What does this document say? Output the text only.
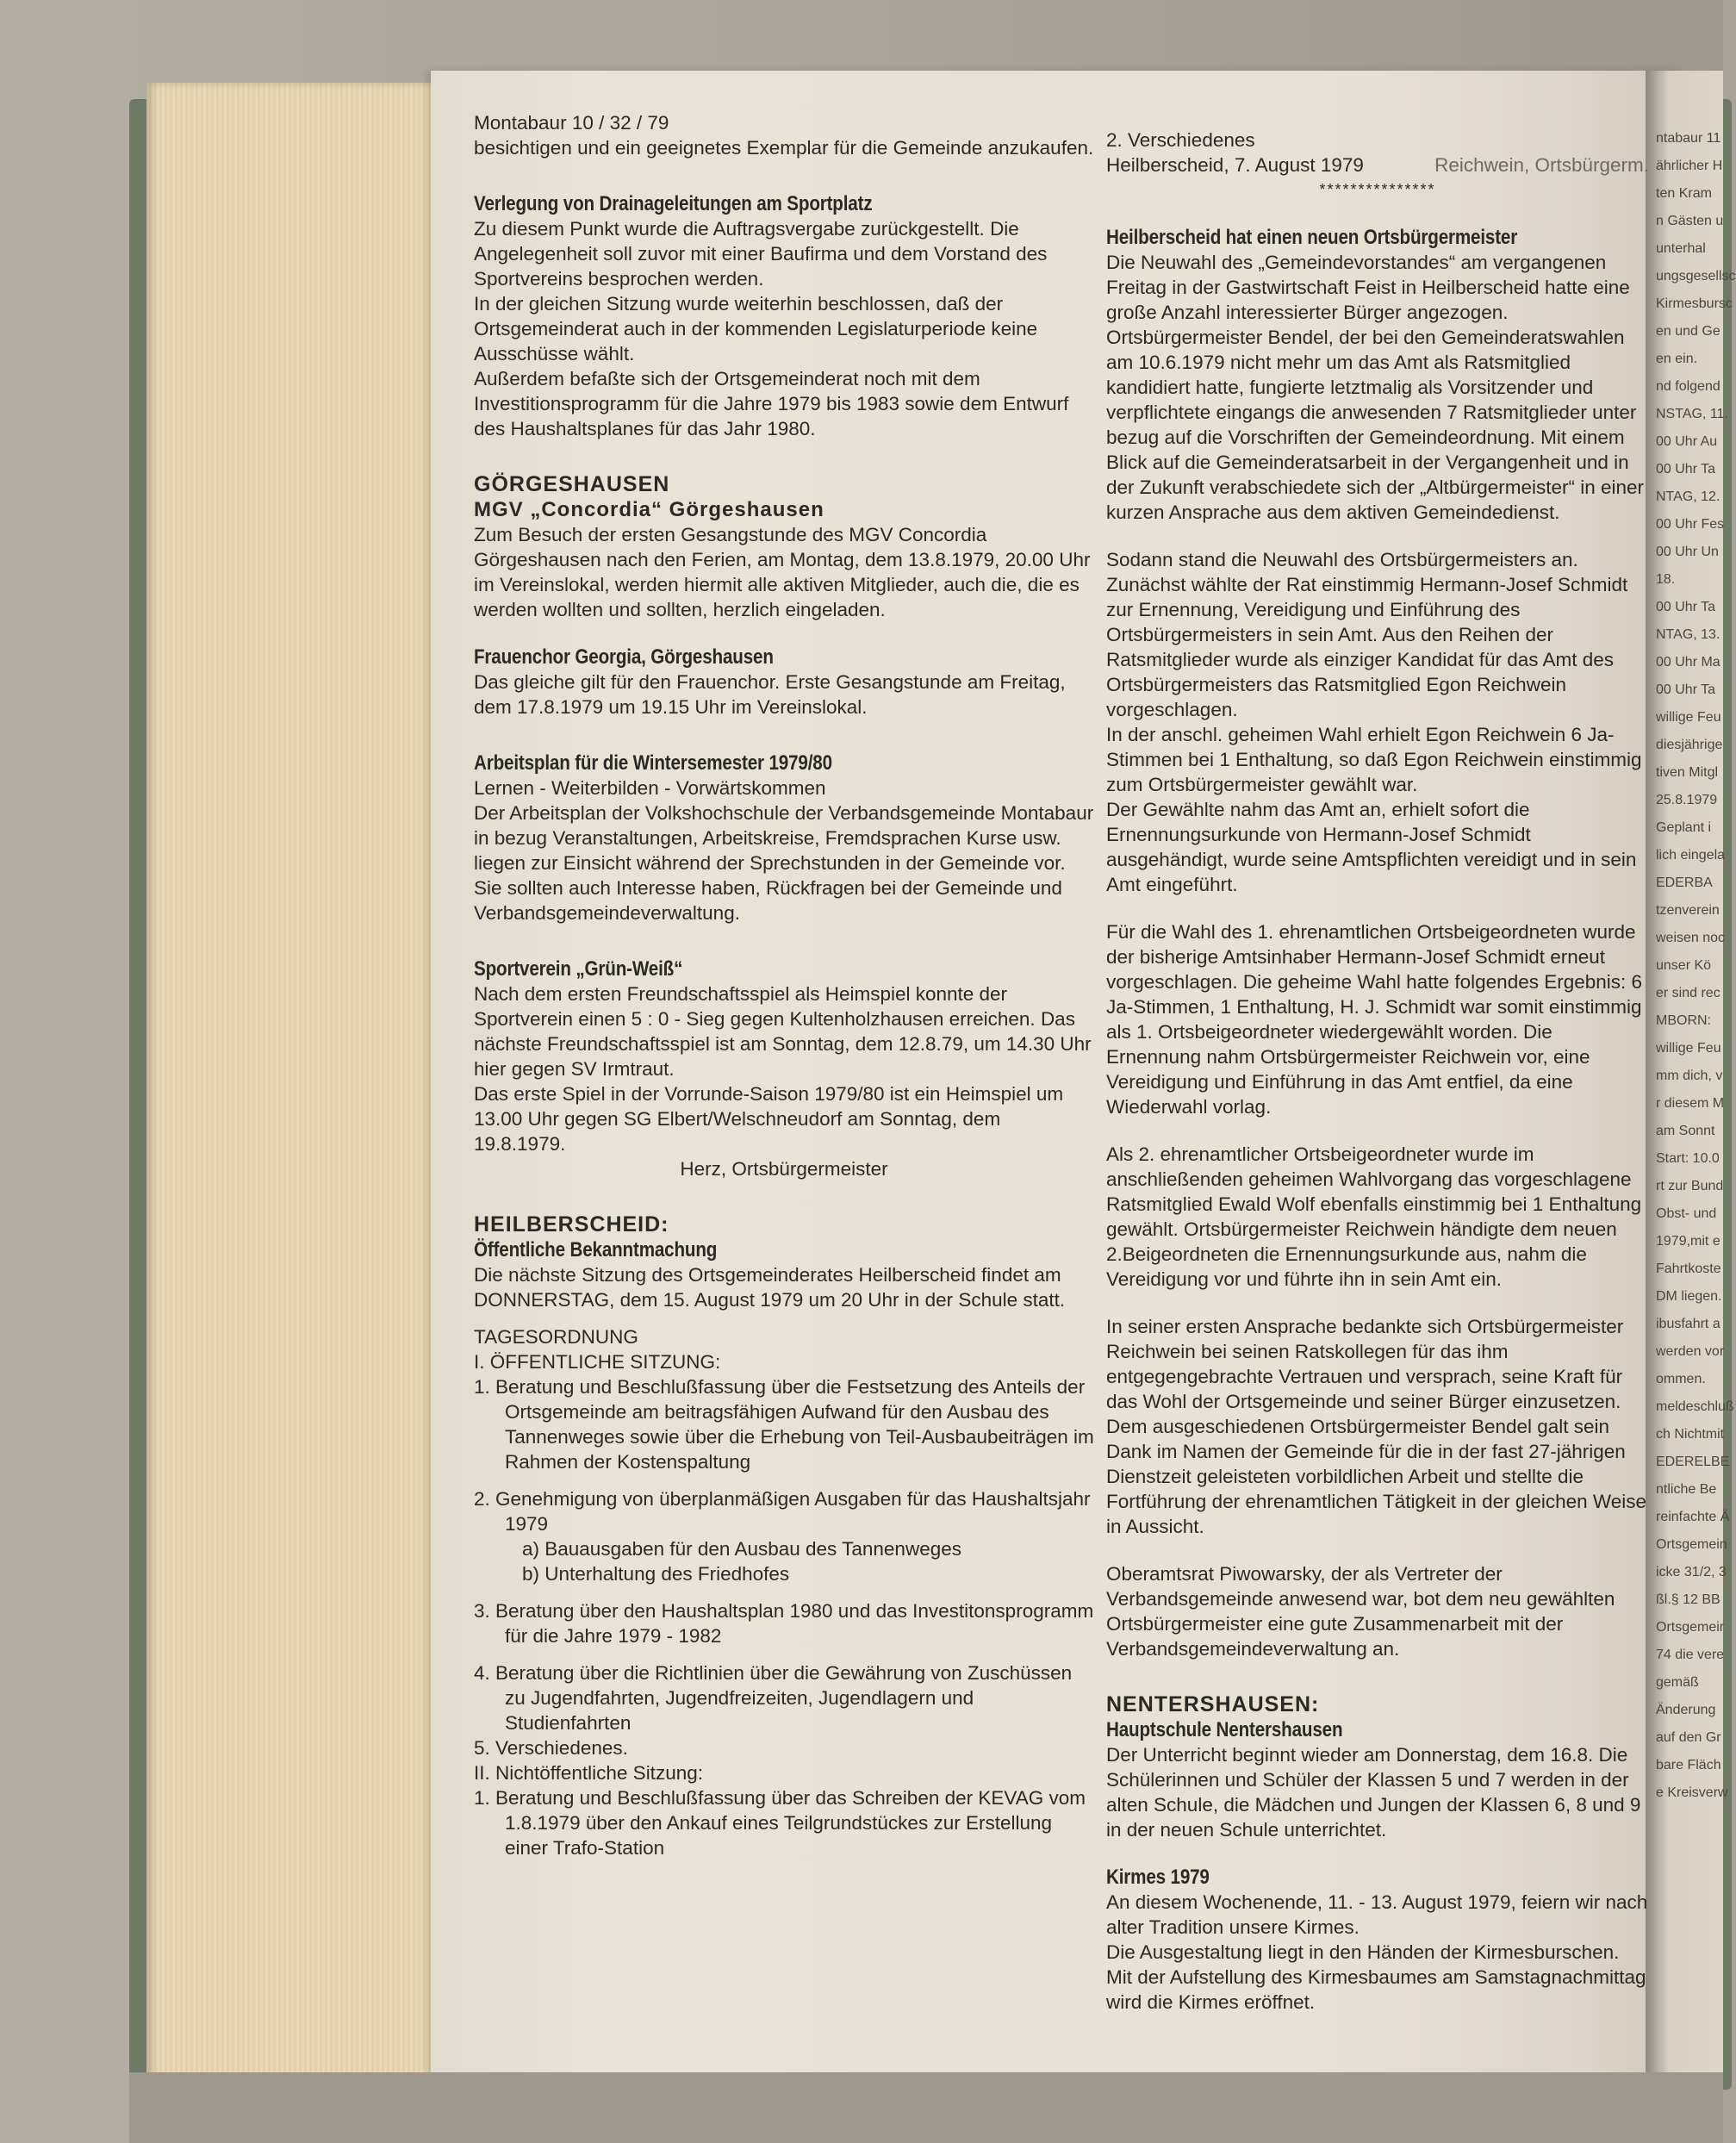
ntabaur 11
ährlicher H
ten Kram
n Gästen u
unterhal
ungsgesellsc
Kirmesbursc
en und Ge
en ein.
nd folgend
NSTAG, 11.
00 Uhr Au
00 Uhr Ta
NTAG, 12.
00 Uhr Fes
00 Uhr Un
18.
00 Uhr Ta
NTAG, 13.
00 Uhr Ma
00 Uhr Ta
willige Feu
diesjährige
tiven Mitgl
25.8.1979
Geplant i
lich eingela
EDERBA
tzenverein
weisen noc
unser Kö
er sind rec
MBORN:
willige Feu
mm dich, v
r diesem M
am Sonnt
Start: 10.0
rt zur Bund
Obst- und
1979,mit e
Fahrtkoste
DM liegen.
ibusfahrt a
werden vor
ommen.
meldeschluß
ch Nichtmit
EDERELBE
ntliche Be
reinfachte Ä
Ortsgemein
icke 31/2, 3
ßl.§ 12 BB
Ortsgemeir
74 die vere
gemäß
Änderung
auf den Gr
bare Fläch
e Kreisverw

Montabaur 10 / 32 / 79

besichtigen und ein geeignetes Exemplar für die Gemeinde anzukaufen.

Verlegung von Drainageleitungen am Sportplatz

Zu diesem Punkt wurde die Auftragsvergabe zurückgestellt. Die Angelegenheit soll zuvor mit einer Baufirma und dem Vorstand des Sportvereins besprochen werden.

In der gleichen Sitzung wurde weiterhin beschlossen, daß der Ortsgemeinderat auch in der kommenden Legislaturperiode keine Ausschüsse wählt.

Außerdem befaßte sich der Ortsgemeinderat noch mit dem Investitionsprogramm für die Jahre 1979 bis 1983 sowie dem Entwurf des Haushaltsplanes für das Jahr 1980.

GÖRGESHAUSEN

MGV „Concordia“ Görgeshausen

Zum Besuch der ersten Gesangstunde des MGV Concordia Görgeshausen nach den Ferien, am Montag, dem 13.8.1979, 20.00 Uhr im Vereinslokal, werden hiermit alle aktiven Mitglieder, auch die, die es werden wollten und sollten, herzlich eingeladen.

Frauenchor Georgia, Görgeshausen

Das gleiche gilt für den Frauenchor. Erste Gesangstunde am Freitag, dem 17.8.1979 um 19.15 Uhr im Vereinslokal.

Arbeitsplan für die Wintersemester 1979/80

Lernen - Weiterbilden - Vorwärtskommen

Der Arbeitsplan der Volkshochschule der Verbandsgemeinde Montabaur in bezug Veranstaltungen, Arbeitskreise, Fremdsprachen Kurse usw. liegen zur Einsicht während der Sprechstunden in der Gemeinde vor.

Sie sollten auch Interesse haben, Rückfragen bei der Gemeinde und Verbandsgemeindeverwaltung.

Sportverein „Grün-Weiß“

Nach dem ersten Freundschaftsspiel als Heimspiel konnte der Sportverein einen 5 : 0 - Sieg gegen Kultenholzhausen erreichen. Das nächste Freundschaftsspiel ist am Sonntag, dem 12.8.79, um 14.30 Uhr hier gegen SV Irmtraut.

Das erste Spiel in der Vorrunde-Saison 1979/80 ist ein Heimspiel um 13.00 Uhr gegen SG Elbert/Welschneudorf am Sonntag, dem 19.8.1979.

Herz, Ortsbürgermeister

HEILBERSCHEID:

Öffentliche Bekanntmachung

Die nächste Sitzung des Ortsgemeinderates Heilberscheid findet am DONNERSTAG, dem 15. August 1979 um 20 Uhr in der Schule statt.

TAGESORDNUNG

I. ÖFFENTLICHE SITZUNG:

1. Beratung und Beschlußfassung über die Festsetzung des Anteils der Ortsgemeinde am beitragsfähigen Aufwand für den Ausbau des Tannenweges sowie über die Erhebung von Teil-Ausbaubeiträgen im Rahmen der Kostenspaltung

2. Genehmigung von überplanmäßigen Ausgaben für das Haushaltsjahr 1979

a) Bauausgaben für den Ausbau des Tannenweges

b) Unterhaltung des Friedhofes

3. Beratung über den Haushaltsplan 1980 und das Investitonsprogramm für die Jahre 1979 - 1982

4. Beratung über die Richtlinien über die Gewährung von Zuschüssen zu Jugendfahrten, Jugendfreizeiten, Jugendlagern und Studienfahrten

5. Verschiedenes.

II. Nichtöffentliche Sitzung:

1. Beratung und Beschlußfassung über das Schreiben der KEVAG vom 1.8.1979 über den Ankauf eines Teilgrundstückes zur Erstellung einer Trafo-Station

2. Verschiedenes

Heilberscheid, 7. August 1979	Reichwein, Ortsbürgerm.

***************

Heilberscheid hat einen neuen Ortsbürgermeister

Die Neuwahl des „Gemeindevorstandes“ am vergangenen Freitag in der Gastwirtschaft Feist in Heilberscheid hatte eine große Anzahl interessierter Bürger angezogen. Ortsbürgermeister Bendel, der bei den Gemeinderatswahlen am 10.6.1979 nicht mehr um das Amt als Ratsmitglied kandidiert hatte, fungierte letztmalig als Vorsitzender und verpflichtete eingangs die anwesenden 7 Ratsmitglieder unter bezug auf die Vorschriften der Gemeindeordnung. Mit einem Blick auf die Gemeinderatsarbeit in der Vergangenheit und in der Zukunft verabschiedete sich der „Altbürgermeister“ in einer kurzen Ansprache aus dem aktiven Gemeindedienst.

Sodann stand die Neuwahl des Ortsbürgermeisters an. Zunächst wählte der Rat einstimmig Hermann-Josef Schmidt zur Ernennung, Vereidigung und Einführung des Ortsbürgermeisters in sein Amt. Aus den Reihen der Ratsmitglieder wurde als einziger Kandidat für das Amt des Ortsbürgermeisters das Ratsmitglied Egon Reichwein vorgeschlagen.

In der anschl. geheimen Wahl erhielt Egon Reichwein 6 Ja-Stimmen bei 1 Enthaltung, so daß Egon Reichwein einstimmig zum Ortsbürgermeister gewählt war.

Der Gewählte nahm das Amt an, erhielt sofort die Ernennungsurkunde von Hermann-Josef Schmidt ausgehändigt, wurde seine Amtspflichten vereidigt und in sein Amt eingeführt.

Für die Wahl des 1. ehrenamtlichen Ortsbeigeordneten wurde der bisherige Amtsinhaber Hermann-Josef Schmidt erneut vorgeschlagen. Die geheime Wahl hatte folgendes Ergebnis: 6 Ja-Stimmen, 1 Enthaltung, H. J. Schmidt war somit einstimmig als 1. Ortsbeigeordneter wiedergewählt worden. Die Ernennung nahm Ortsbürgermeister Reichwein vor, eine Vereidigung und Einführung in das Amt entfiel, da eine Wiederwahl vorlag.

Als 2. ehrenamtlicher Ortsbeigeordneter wurde im anschließenden geheimen Wahlvorgang das vorgeschlagene Ratsmitglied Ewald Wolf ebenfalls einstimmig bei 1 Enthaltung gewählt. Ortsbürgermeister Reichwein händigte dem neuen 2.Beigeordneten die Ernennungsurkunde aus, nahm die Vereidigung vor und führte ihn in sein Amt ein.

In seiner ersten Ansprache bedankte sich Ortsbürgermeister Reichwein bei seinen Ratskollegen für das ihm entgegengebrachte Vertrauen und versprach, seine Kraft für das Wohl der Ortsgemeinde und seiner Bürger einzusetzen. Dem ausgeschiedenen Ortsbürgermeister Bendel galt sein Dank im Namen der Gemeinde für die in der fast 27-jährigen Dienstzeit geleisteten vorbildlichen Arbeit und stellte die Fortführung der ehrenamtlichen Tätigkeit in der gleichen Weise in Aussicht.

Oberamtsrat Piwowarsky, der als Vertreter der Verbandsgemeinde anwesend war, bot dem neu gewählten Ortsbürgermeister eine gute Zusammenarbeit mit der Verbandsgemeindeverwaltung an.

NENTERSHAUSEN:

Hauptschule Nentershausen

Der Unterricht beginnt wieder am Donnerstag, dem 16.8. Die Schülerinnen und Schüler der Klassen 5 und 7 werden in der alten Schule, die Mädchen und Jungen der Klassen 6, 8 und 9 in der neuen Schule unterrichtet.

Kirmes 1979

An diesem Wochenende, 11. - 13. August 1979, feiern wir nach alter Tradition unsere Kirmes.

Die Ausgestaltung liegt in den Händen der Kirmesburschen. Mit der Aufstellung des Kirmesbaumes am Samstagnachmittag wird die Kirmes eröffnet.
